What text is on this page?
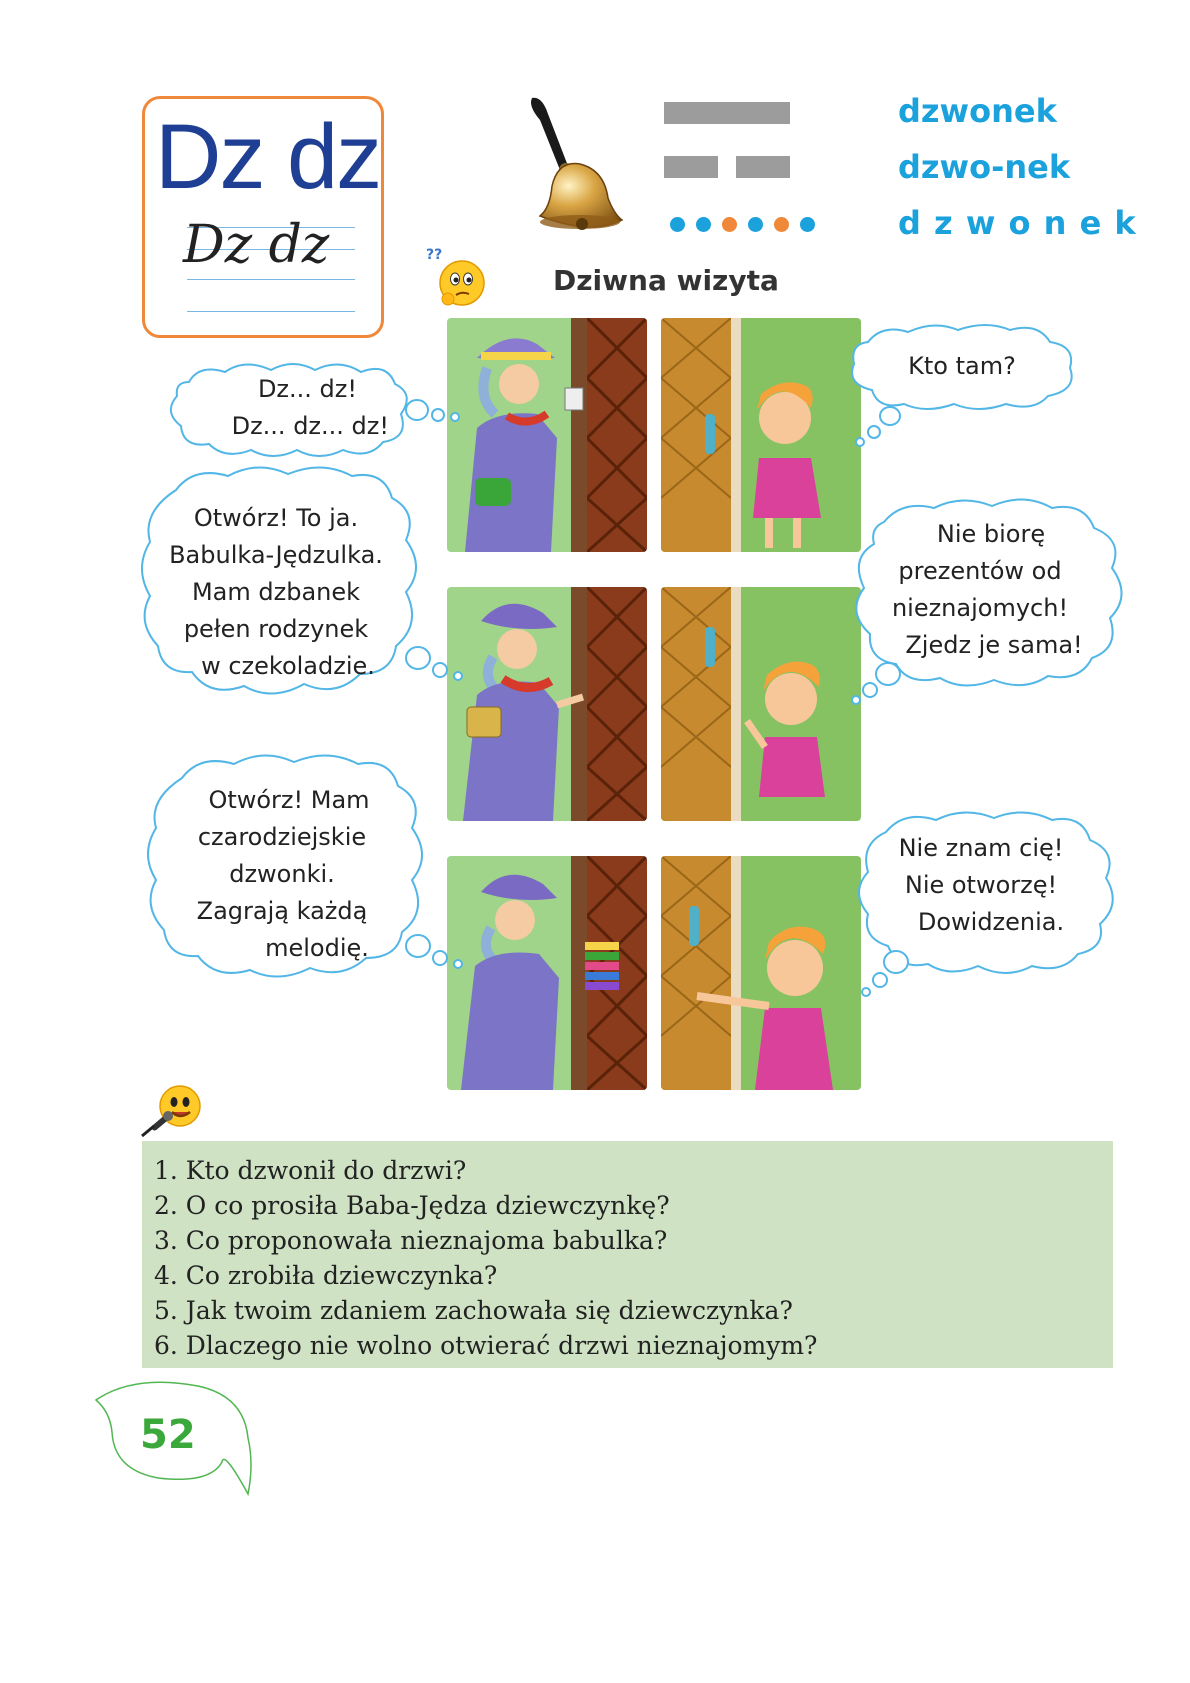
Dz dz
Dz dz
dzwonek
dzwo-nek
d z w o n e k
??
Dziwna wizyta
Dz... dz!
Dz... dz... dz!
Kto tam?
Otwórz! To ja.
Babulka-Jędzulka.
Mam dzbanek
pełen rodzynek
w czekoladzie.
Nie biorę
prezentów od
nieznajomych!
Zjedz je sama!
Otwórz! Mam
czarodziejskie
dzwonki.
Zagrają każdą
melodię.
Nie znam cię!
Nie otworzę!
Dowidzenia.
1. Kto dzwonił do drzwi?
2. O co prosiła Baba-Jędza dziewczynkę?
3. Co proponowała nieznajoma babulka?
4. Co zrobiła dziewczynka?
5. Jak twoim zdaniem zachowała się dziewczynka?
6. Dlaczego nie wolno otwierać drzwi nieznajomym?
52
